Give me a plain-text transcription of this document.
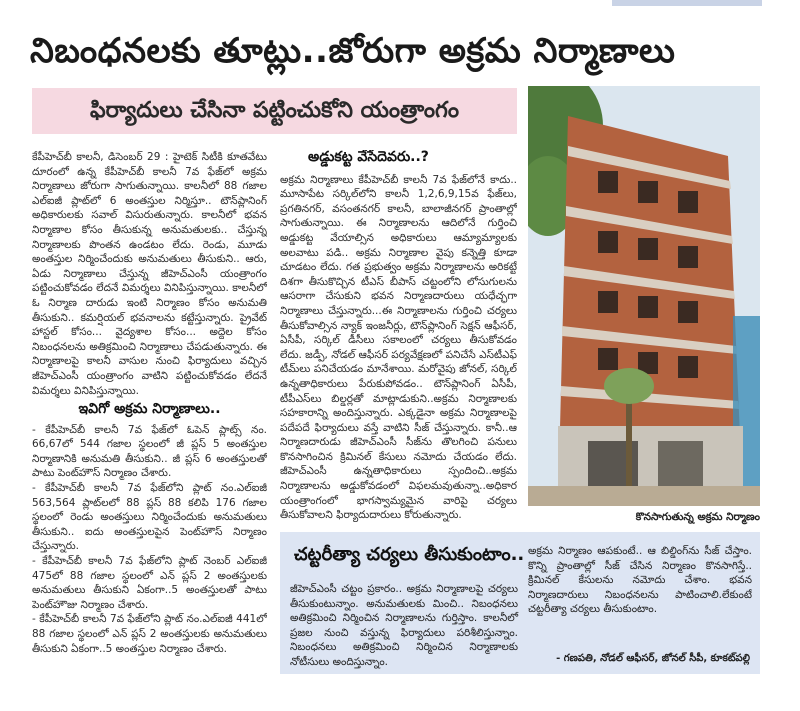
నిబంధనలకు తూట్లు..జోరుగా అక్రమ నిర్మాణాలు
ఫిర్యాదులు చేసినా పట్టించుకోని యంత్రాంగం

కేపీహెచ్‌బీ కాలనీ, డిసెంబర్ 29 : హైటెక్ సిటీకి కూతవేటు దూరంలో ఉన్న కేపీహెచ్‌బీ కాలనీ 7వ ఫేజ్‌లో అక్రమ నిర్మాణాలు జోరుగా సాగుతున్నాయి. కాలనీలో 88 గజాల ఎల్‌ఐజీ ప్లాట్‌లో 6 అంతస్తుల నిర్మిస్తూ.. టౌన్‌ప్లానింగ్ అధికారులకు సవాల్ విసురుతున్నారు. కాలనీలో భవన నిర్మాణాల కోసం తీసుకున్న అనుమతులకు.. చేస్తున్న నిర్మాణాలకు పొంతన ఉండటం లేదు. రెండు, మూడు అంతస్తుల నిర్మించేందుకు అనుమతులు తీసుకుని.. ఆరు, ఏడు నిర్మాణాలు చేస్తున్న జీహెచ్‌ఎంసీ యంత్రాంగం పట్టించుకోవడం లేదనే విమర్శలు వినిపిస్తున్నాయి. కాలనీలో ఓ నిర్మాణ దారుడు ఇంటి నిర్మాణం కోసం అనుమతి తీసుకుని.. కమర్షియల్ భవనాలను కట్టేస్తున్నారు. ప్రైవేట్ హాస్టల్ కోసం... వైద్యశాల కోసం... అద్దెల కోసం నిబంధనలను అతిక్రమించి నిర్మాణాలు చేపడుతున్నారు. ఈ నిర్మాణాలపై కాలనీ వాసుల నుంచి ఫిర్యాదులు వచ్చిన జీహెచ్‌ఎంసీ యంత్రాంగం వాటిని పట్టించుకోవడం లేదనే విమర్శలు వినిపిస్తున్నాయి.

ఇవిగో అక్రమ నిర్మాణాలు..

- కేపీహెచ్‌బీ కాలనీ 7వ ఫేజ్‌లో ఓపెన్ ప్లాట్స్ నం. 66,67లో 544 గజాల స్థలంలో జీ ప్లస్ 5 అంతస్తుల నిర్మాణానికి అనుమతి తీసుకుని.. జీ ప్లస్ 6 అంతస్తులతో పాటు పెంట్‌హౌస్ నిర్మాణం చేశారు.

- కేపీహెచ్‌బీ కాలనీ 7వ ఫేజ్‌లోని ప్లాట్ నం.ఎల్‌ఐజీ 563,564 ప్లాట్‌లలో 88 ప్లస్ 88 కలిపి 176 గజాల స్థలంలో రెండు అంతస్తులు నిర్మించేందుకు అనుమతులు తీసుకుని.. ఐదు అంతస్తులపైన పెంట్‌హౌస్ నిర్మాణం చేస్తున్నారు.

- కేపీహెచ్‌బీ కాలనీ 7వ ఫేజ్‌లోని ప్లాట్ నెంబర్ ఎల్‌ఐజీ 475లో 88 గజాల స్థలంలో ఎన్ ప్లస్ 2 అంతస్తులకు అనుమతులు తీసుకుని ఏకంగా..5 అంతస్తులతో పాటు పెంట్‌హౌజు నిర్మాణం చేశారు.

- కేపీహెచ్‌బీ కాలనీ 7వ ఫేజ్‌లోని ప్లాట్ నం.ఎల్‌ఐజీ 441లో 88 గజాల స్థలంలో ఎన్ ప్లస్ 2 అంతస్తులకు అనుమతులు తీసుకుని ఏకంగా..5 అంతస్తుల నిర్మాణం చేశారు.

అడ్డుకట్ట వేసేదెవరు..?

అక్రమ నిర్మాణాలు కేపీహెచ్‌బీ కాలనీ 7వ ఫేజ్‌లోనే కాదు.. మూసాపేట సర్కిల్‌లోని కాలనీ 1,2,6,9,15వ ఫేజ్‌లు, ప్రగతినగర్, వసంతనగర్ కాలనీ, బాలాజీనగర్ ప్రాంతాల్లో సాగుతున్నాయి. ఈ నిర్మాణాలను ఆదిలోనే గుర్తించి అడ్డుకట్ట వేయాల్సిన అధికారులు ఆమ్యామ్యాలకు అలవాటు పడి.. అక్రమ నిర్మాణాల వైపు కన్నెత్తి కూడా చూడటం లేదు. గత ప్రభుత్వం అక్రమ నిర్మాణాలను అరికట్టే దిశగా తీసుకొచ్చిన టీఎస్ బీపాస్ చట్టంలోని లోసుగులను ఆసరాగా చేసుకుని భవన నిర్మాణదారులు యధేచ్ఛగా నిర్మాణాలు చేస్తున్నారు...ఈ నిర్మాణాలను గుర్తించి చర్యలు తీసుకోవాల్సిన న్యాక్ ఇంజనీర్లు, టౌన్‌ప్లానింగ్ సెక్షన్ ఆఫీసర్, ఏసీపీ, సర్కిల్ డీసీలు సకాలంలో చర్యలు తీసుకోవడం లేదు. జడ్పీ, నోడల్ ఆఫీసర్ పర్యవేక్షణలో పనిచేసే ఎస్‌టీఎఫ్ టీమ్‌లు పనిచేయడం మానేశాయి. మరోవైపు జోనల్, సర్కిల్ ఉన్నతాధికారులు పేరుకుపోవడం.. టౌన్‌ప్లానింగ్ ఏసీపీ, టీపీఎస్‌లు బిల్డర్లతో మాట్లాడుకుని..అక్రమ నిర్మాణాలకు సహకారాన్ని అందిస్తున్నారు. ఎక్కడైనా అక్రమ నిర్మాణాలపై పదేపదే ఫిర్యాదులు వస్తే వాటిని సీజ్ చేస్తున్నారు. కానీ..ఆ నిర్మాణదారుడు జీహెచ్‌ఎంసీ సీజ్‌ను తొలగించి పనులు కొనసాగించిన క్రిమినల్ కేసులు నమోదు చేయడం లేదు. జీహెచ్‌ఎంసీ ఉన్నతాధికారులు స్పందించి..అక్రమ నిర్మాణాలను అడ్డుకోవడంలో విఫలమవుతున్నా..అధికార యంత్రాంగంలో భాగస్వామ్యమైన వారిపై చర్యలు తీసుకోవాలని ఫిర్యాదుదారులు కోరుతున్నారు.	కొనసాగుతున్న అక్రమ నిర్మాణం
చట్టరీత్యా చర్యలు తీసుకుంటాం..
జీహెచ్‌ఎంసీ చట్టం ప్రకారం.. అక్రమ నిర్మాణాలపై చర్యలు తీసుకుంటున్నాం. అనుమతులకు మించి.. నిబంధనలు అతిక్రమించి నిర్మించిన నిర్మాణాలను గుర్తిస్తాం. కాలనీలో ప్రజల నుంచి వస్తున్న ఫిర్యాదులు పరిశీలిస్తున్నాం. నిబంధనలు అతిక్రమించి నిర్మించిన నిర్మాణాలకు నోటీసులు అందిస్తున్నాం.
అక్రమ నిర్మాణం ఆపకుంటే.. ఆ బిల్డింగ్‌ను సీజ్ చేస్తాం. కొన్ని ప్రాంతాల్లో సీజ్ చేసిన నిర్మాణం కొనసాగిస్తే.. క్రిమినల్ కేసులను నమోదు చేశాం. భవన నిర్మాణదారులు నిబంధనలను పాటించాలి.లేకుంటే చట్టరీత్యా చర్యలు తీసుకుంటాం.
- గణపతి, నోడల్ ఆఫీసర్, జోనల్ సీపీ, కూకట్‌పల్లి
